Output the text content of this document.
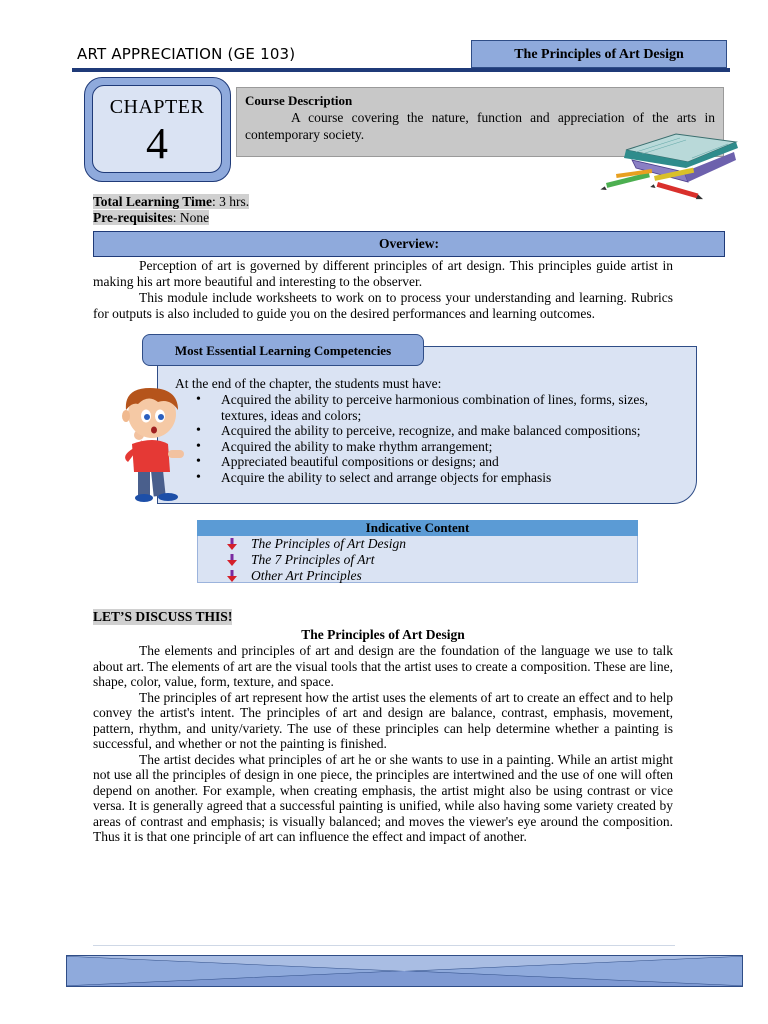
ART APPRECIATION (GE 103)	The Principles of Art Design
CHAPTER
4
Course Description
A course covering the nature, function and appreciation of the arts in contemporary society.
Total Learning Time: 3 hrs.
Pre-requisites: None
Overview:

Perception of art is governed by different principles of art design. This principles guide artist in making his art more beautiful and interesting to the observer.

This module include worksheets to work on to process your understanding and learning. Rubrics for outputs is also included to guide you on the desired performances and learning outcomes.

Most Essential Learning Competencies
At the end of the chapter, the students must have:
• Acquired the ability to perceive harmonious combination of lines, forms, sizes, textures, ideas and colors;
• Acquired the ability to perceive, recognize, and make balanced compositions;
• Acquired the ability to make rhythm arrangement;
• Appreciated beautiful compositions or designs; and
• Acquire the ability to select and arrange objects for emphasis
Indicative Content
The Principles of Art Design
The 7 Principles of Art
Other Art Principles
LET’S DISCUSS THIS!
The Principles of Art Design

The elements and principles of art and design are the foundation of the language we use to talk about art. The elements of art are the visual tools that the artist uses to create a composition. These are line, shape, color, value, form, texture, and space.

The principles of art represent how the artist uses the elements of art to create an effect and to help convey the artist's intent. The principles of art and design are balance, contrast, emphasis, movement, pattern, rhythm, and unity/variety. The use of these principles can help determine whether a painting is successful, and whether or not the painting is finished.

The artist decides what principles of art he or she wants to use in a painting. While an artist might not use all the principles of design in one piece, the principles are intertwined and the use of one will often depend on another. For example, when creating emphasis, the artist might also be using contrast or vice versa. It is generally agreed that a successful painting is unified, while also having some variety created by areas of contrast and emphasis; is visually balanced; and moves the viewer's eye around the composition. Thus it is that one principle of art can influence the effect and impact of another.
